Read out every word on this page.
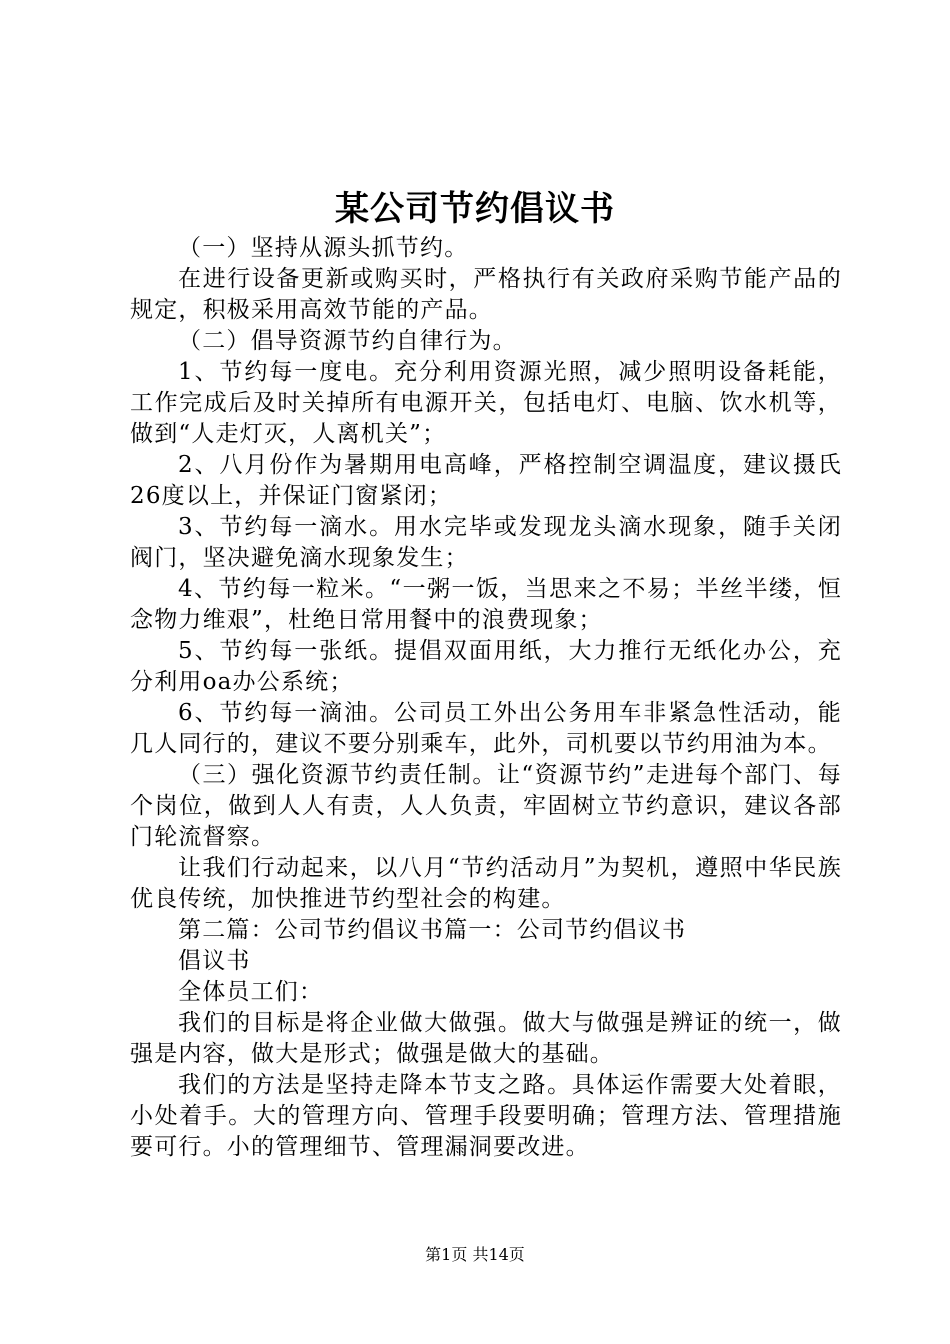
某公司节约倡议书

（一）坚持从源头抓节约。

在进行设备更新或购买时，严格执行有关政府采购节能产品的规定，积极采用高效节能的产品。

（二）倡导资源节约自律行为。

1、节约每一度电。充分利用资源光照，减少照明设备耗能，工作完成后及时关掉所有电源开关，包括电灯、电脑、饮水机等，做到“人走灯灭，人离机关”；

2、八月份作为暑期用电高峰，严格控制空调温度，建议摄氏26度以上，并保证门窗紧闭；

3、节约每一滴水。用水完毕或发现龙头滴水现象，随手关闭阀门，坚决避免滴水现象发生；

4、节约每一粒米。“一粥一饭，当思来之不易；半丝半缕，恒念物力维艰”，杜绝日常用餐中的浪费现象；

5、节约每一张纸。提倡双面用纸，大力推行无纸化办公，充分利用oa办公系统；

6、节约每一滴油。公司员工外出公务用车非紧急性活动，能几人同行的，建议不要分别乘车，此外，司机要以节约用油为本。

（三）强化资源节约责任制。让“资源节约”走进每个部门、每个岗位，做到人人有责，人人负责，牢固树立节约意识，建议各部门轮流督察。

让我们行动起来，以八月“节约活动月”为契机，遵照中华民族优良传统，加快推进节约型社会的构建。

第二篇：公司节约倡议书篇一：公司节约倡议书

倡议书

全体员工们：

我们的目标是将企业做大做强。做大与做强是辨证的统一，做强是内容，做大是形式；做强是做大的基础。

我们的方法是坚持走降本节支之路。具体运作需要大处着眼，小处着手。大的管理方向、管理手段要明确；管理方法、管理措施要可行。小的管理细节、管理漏洞要改进。

第1页 共14页
